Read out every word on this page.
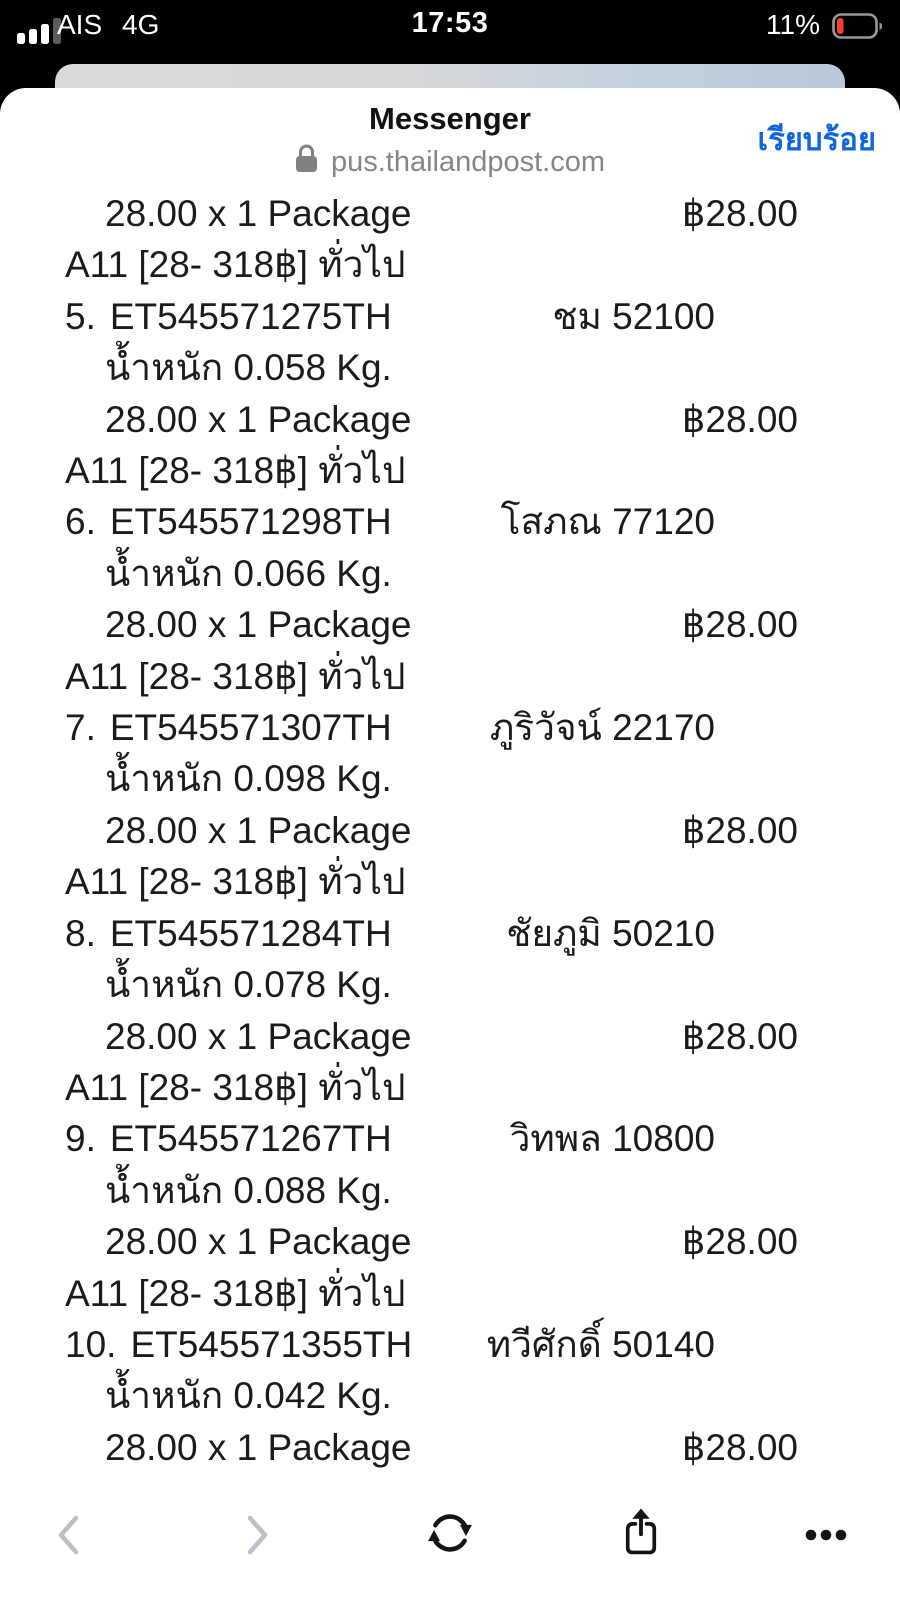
AIS 4G	17:53	11%
Messenger
pus.thailandpost.com
เรียบร้อย
28.00 x 1 Package	฿28.00
A11 [28- 318฿] ทั่วไป
5. ET545571275TH	ชม 52100
น้ำหนัก 0.058 Kg.
28.00 x 1 Package	฿28.00
A11 [28- 318฿] ทั่วไป
6. ET545571298TH	โสภณ 77120
น้ำหนัก 0.066 Kg.
28.00 x 1 Package	฿28.00
A11 [28- 318฿] ทั่วไป
7. ET545571307TH	ภูริวัจน์ 22170
น้ำหนัก 0.098 Kg.
28.00 x 1 Package	฿28.00
A11 [28- 318฿] ทั่วไป
8. ET545571284TH	ชัยภูมิ 50210
น้ำหนัก 0.078 Kg.
28.00 x 1 Package	฿28.00
A11 [28- 318฿] ทั่วไป
9. ET545571267TH	วิทพล 10800
น้ำหนัก 0.088 Kg.
28.00 x 1 Package	฿28.00
A11 [28- 318฿] ทั่วไป
10. ET545571355TH ทวีศักดิ์ 50140
น้ำหนัก 0.042 Kg.
28.00 x 1 Package	฿28.00
